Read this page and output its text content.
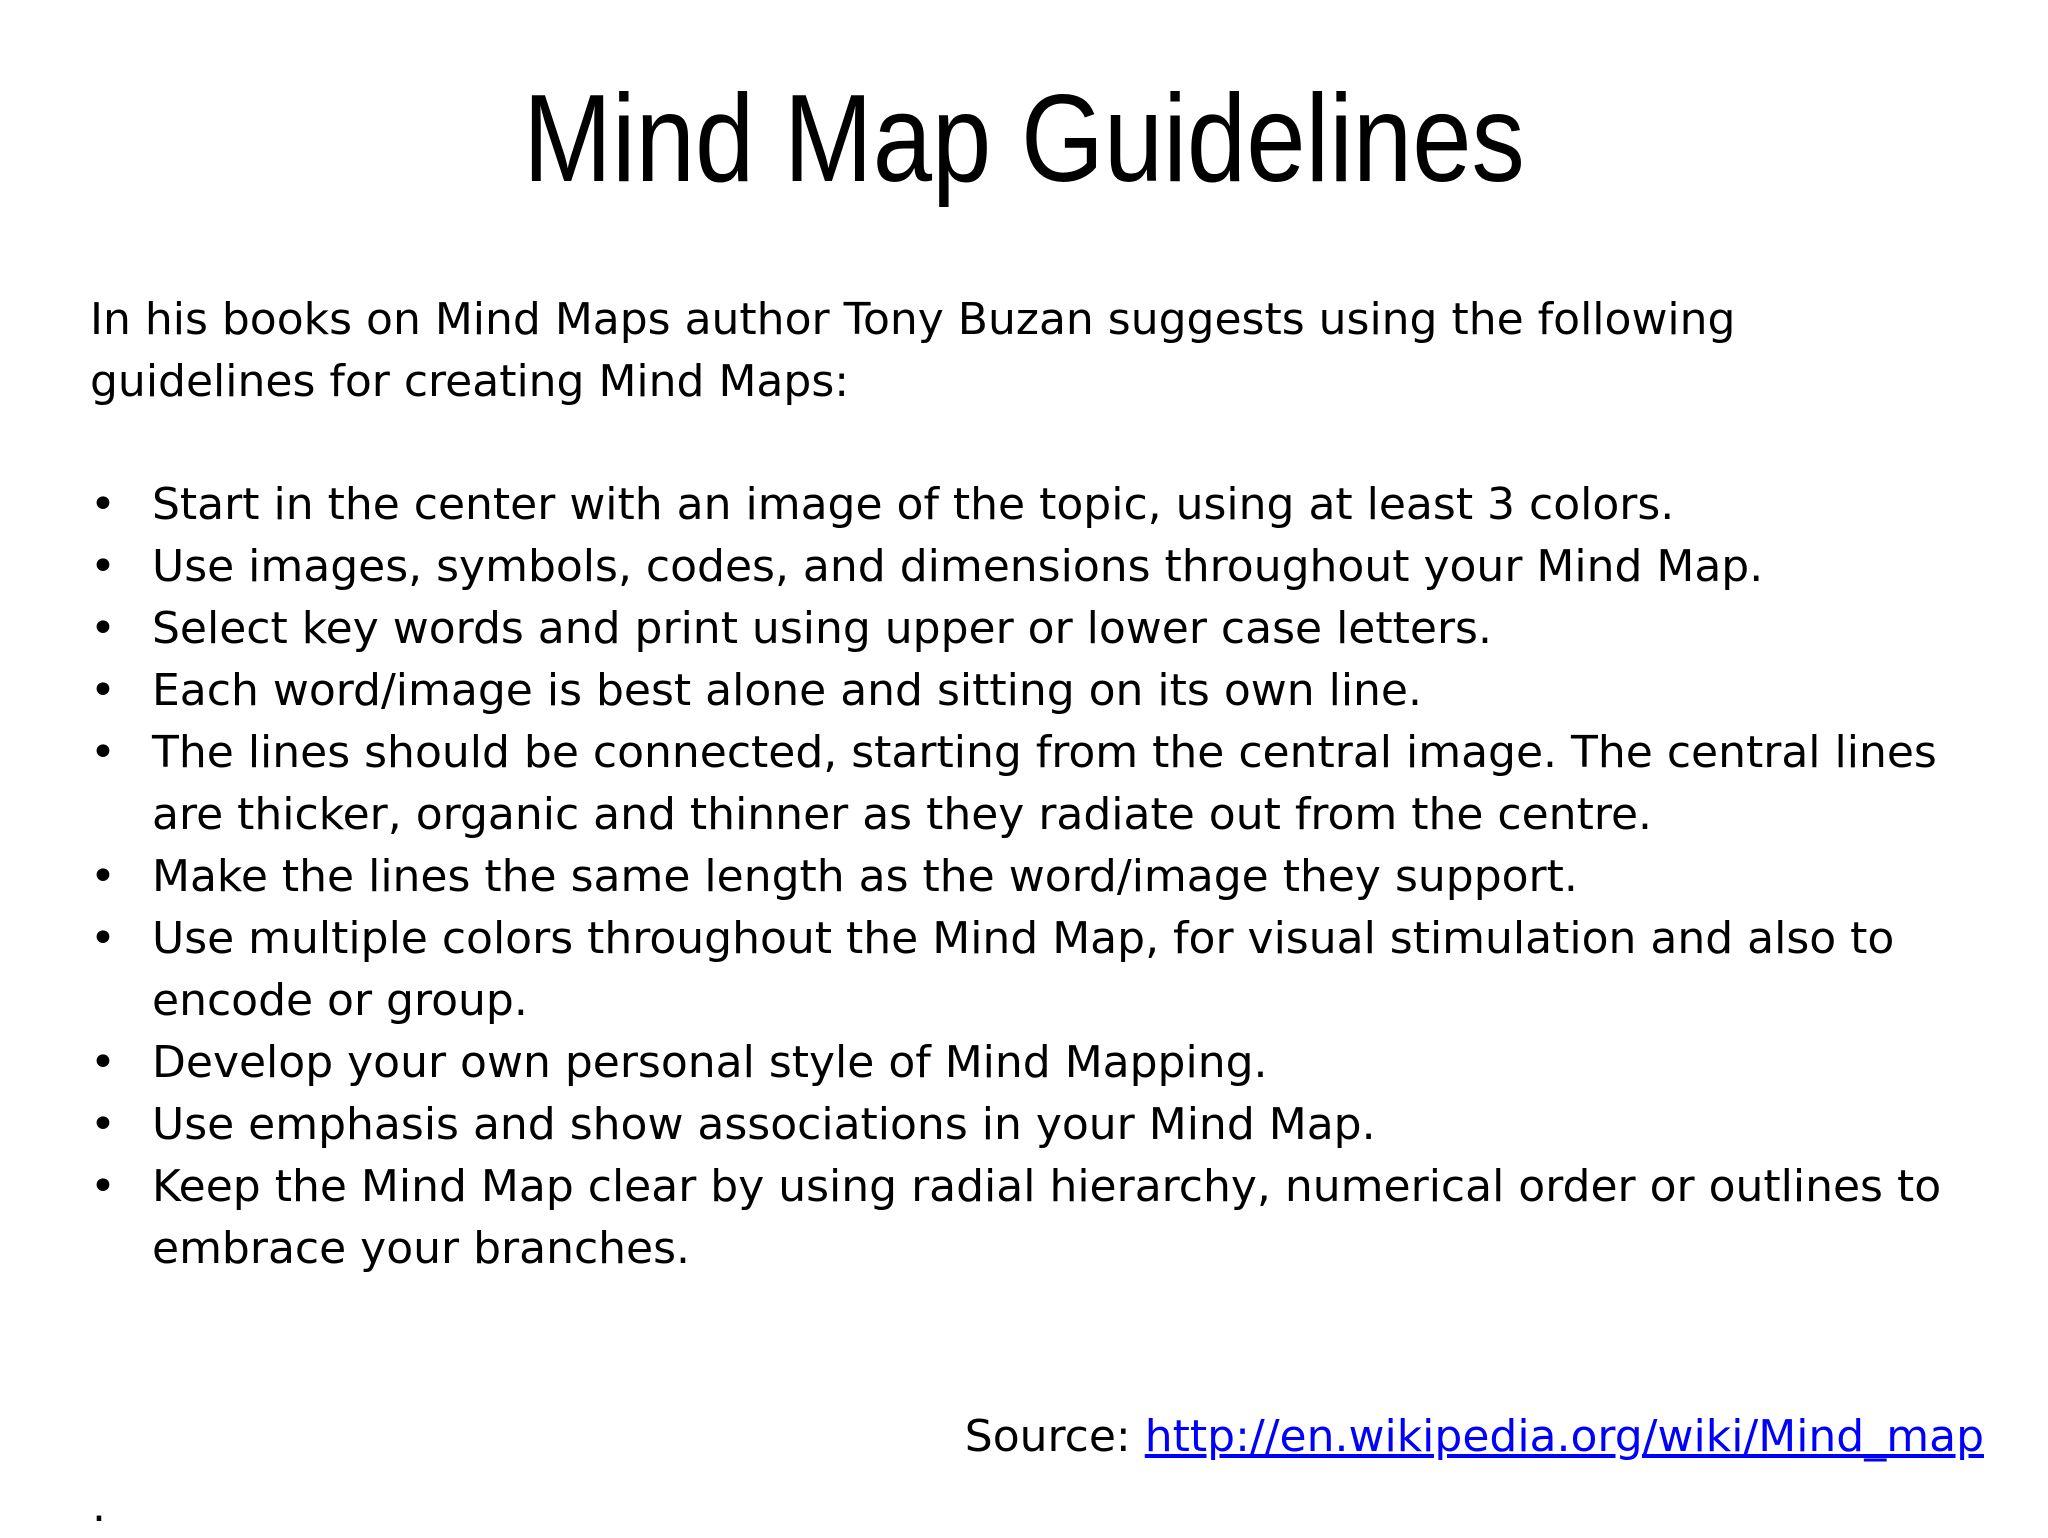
Mind Map Guidelines

In his books on Mind Maps author Tony Buzan suggests using the following guidelines for creating Mind Maps:

• Start in the center with an image of the topic, using at least 3 colors.
• Use images, symbols, codes, and dimensions throughout your Mind Map.
• Select key words and print using upper or lower case letters.
• Each word/image is best alone and sitting on its own line.
• The lines should be connected, starting from the central image. The central lines are thicker, organic and thinner as they radiate out from the centre.
• Make the lines the same length as the word/image they support.
• Use multiple colors throughout the Mind Map, for visual stimulation and also to encode or group.
• Develop your own personal style of Mind Mapping.
• Use emphasis and show associations in your Mind Map.
• Keep the Mind Map clear by using radial hierarchy, numerical order or outlines to embrace your branches.

Source: http://en.wikipedia.org/wiki/Mind_map

.
